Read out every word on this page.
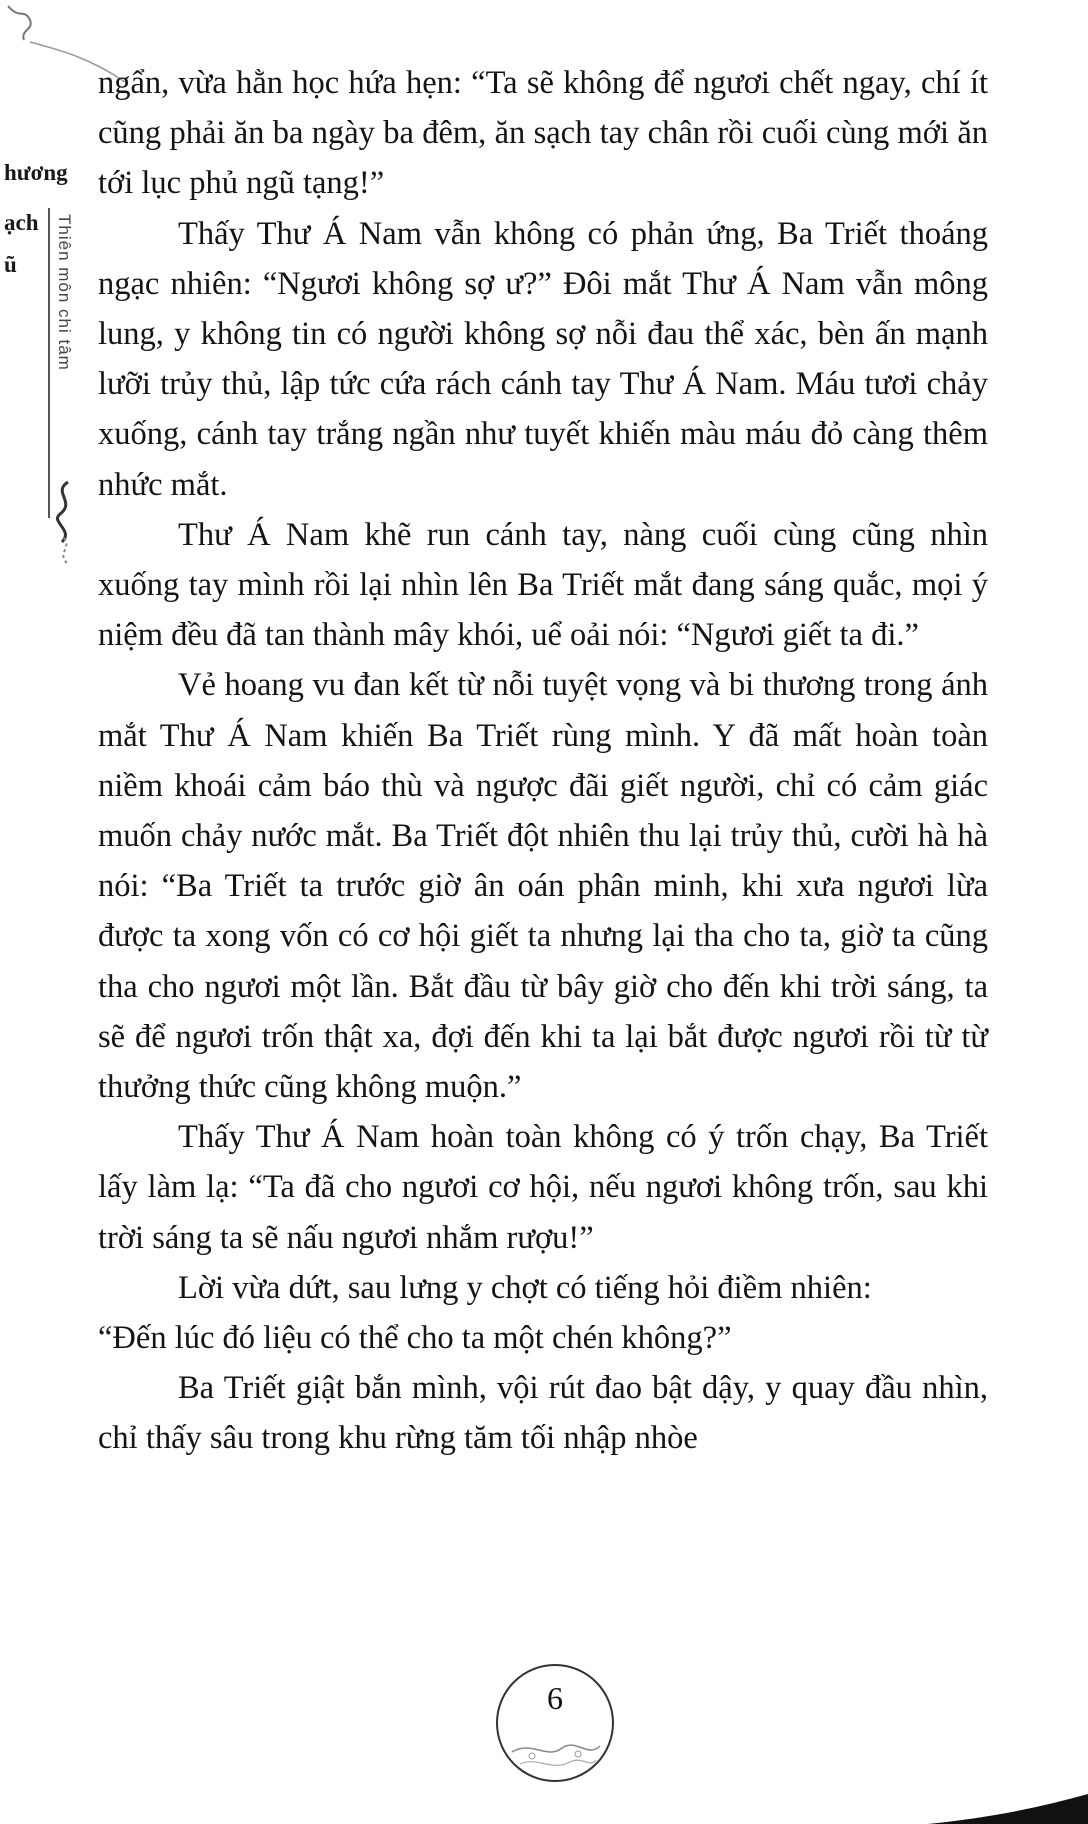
hương
ạch
ũ Thiên môn chi tâm

ngẩn, vừa hằn học hứa hẹn: “Ta sẽ không để ngươi chết ngay, chí ít cũng phải ăn ba ngày ba đêm, ăn sạch tay chân rồi cuối cùng mới ăn tới lục phủ ngũ tạng!”

Thấy Thư Á Nam vẫn không có phản ứng, Ba Triết thoáng ngạc nhiên: “Ngươi không sợ ư?” Đôi mắt Thư Á Nam vẫn mông lung, y không tin có người không sợ nỗi đau thể xác, bèn ấn mạnh lưỡi trủy thủ, lập tức cứa rách cánh tay Thư Á Nam. Máu tươi chảy xuống, cánh tay trắng ngần như tuyết khiến màu máu đỏ càng thêm nhức mắt.

Thư Á Nam khẽ run cánh tay, nàng cuối cùng cũng nhìn xuống tay mình rồi lại nhìn lên Ba Triết mắt đang sáng quắc, mọi ý niệm đều đã tan thành mây khói, uể oải nói: “Ngươi giết ta đi.”

Vẻ hoang vu đan kết từ nỗi tuyệt vọng và bi thương trong ánh mắt Thư Á Nam khiến Ba Triết rùng mình. Y đã mất hoàn toàn niềm khoái cảm báo thù và ngược đãi giết người, chỉ có cảm giác muốn chảy nước mắt. Ba Triết đột nhiên thu lại trủy thủ, cười hà hà nói: “Ba Triết ta trước giờ ân oán phân minh, khi xưa ngươi lừa được ta xong vốn có cơ hội giết ta nhưng lại tha cho ta, giờ ta cũng tha cho ngươi một lần. Bắt đầu từ bây giờ cho đến khi trời sáng, ta sẽ để ngươi trốn thật xa, đợi đến khi ta lại bắt được ngươi rồi từ từ thưởng thức cũng không muộn.”

Thấy Thư Á Nam hoàn toàn không có ý trốn chạy, Ba Triết lấy làm lạ: “Ta đã cho ngươi cơ hội, nếu ngươi không trốn, sau khi trời sáng ta sẽ nấu ngươi nhắm rượu!”

Lời vừa dứt, sau lưng y chợt có tiếng hỏi điềm nhiên:

“Đến lúc đó liệu có thể cho ta một chén không?”

Ba Triết giật bắn mình, vội rút đao bật dậy, y quay đầu nhìn, chỉ thấy sâu trong khu rừng tăm tối nhập nhòe

6
